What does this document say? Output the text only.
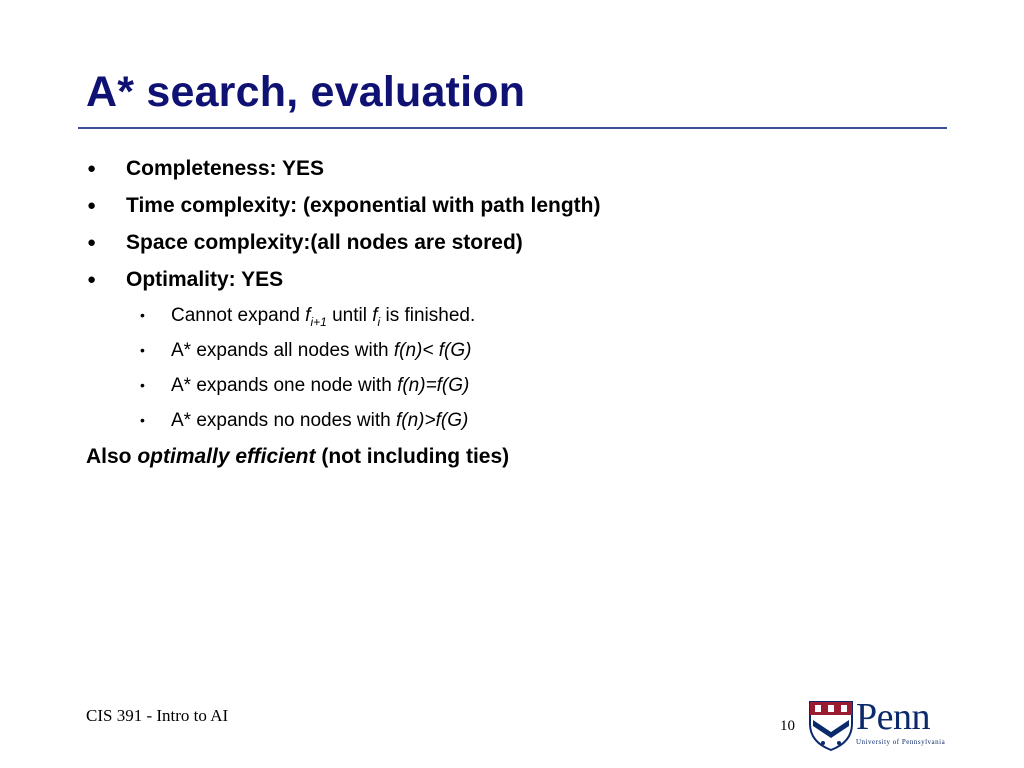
A* search, evaluation
● Completeness: YES
● Time complexity: (exponential with path length)
● Space complexity:(all nodes are stored)
● Optimality: YES
• Cannot expand $f_{i+1}$ until $f_i$ is finished.
• A* expands all nodes with f(n)< f(G)
• A* expands one node with f(n)=f(G)
• A* expands no nodes with f(n)>f(G)
Also optimally efficient (not including ties)
CIS 391 - Intro to AI
10 Penn
University of Pennsylvania
